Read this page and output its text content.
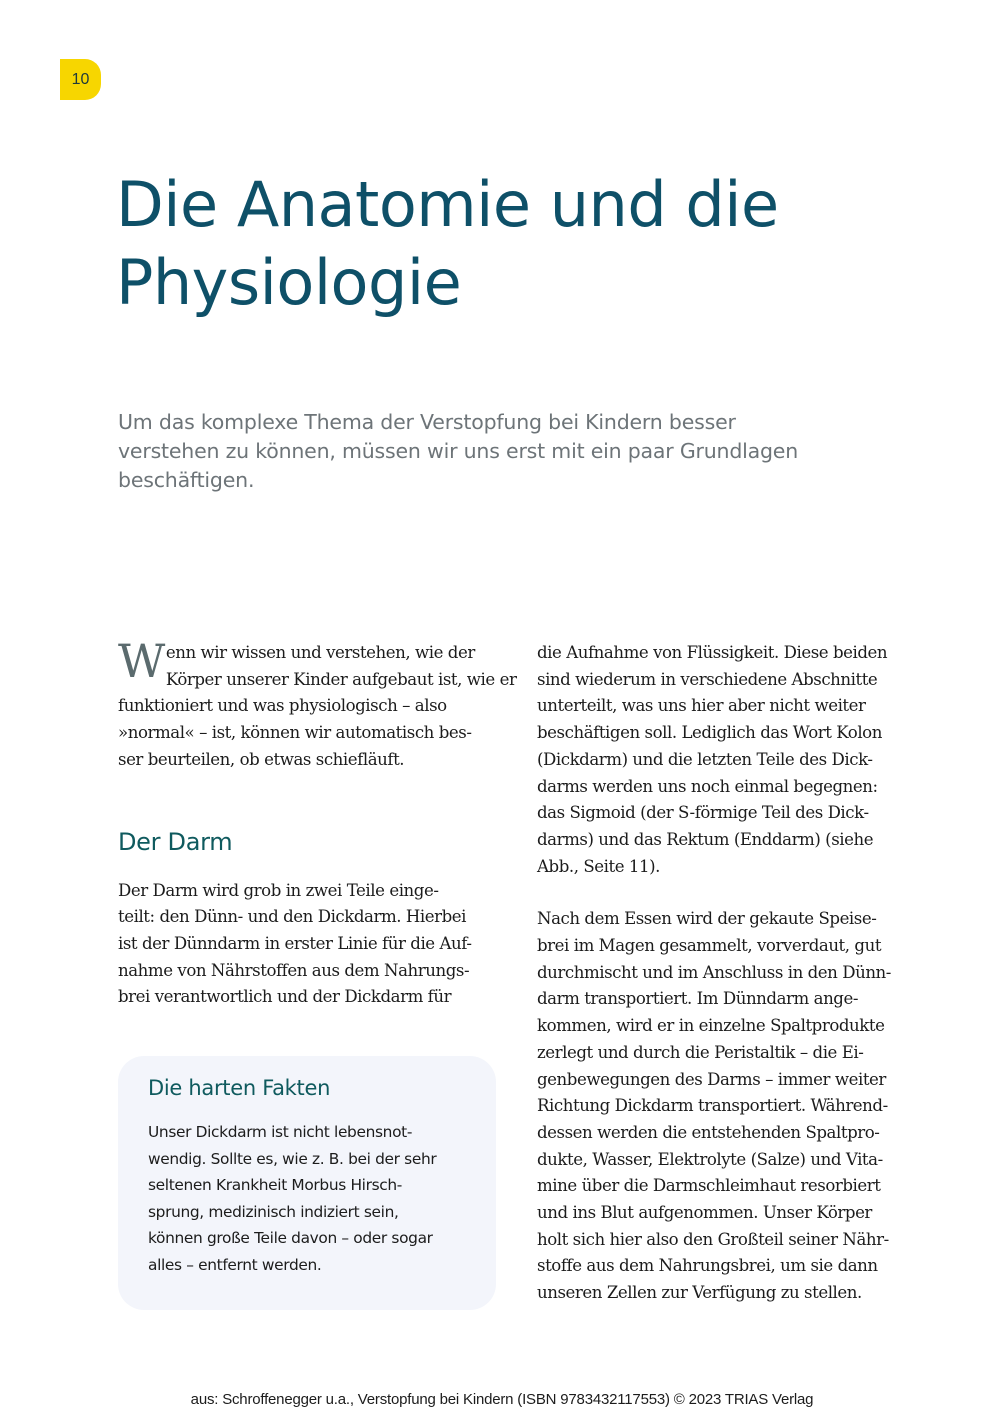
10
Die Anatomie und die
Physiologie

Um das komplexe Thema der Verstopfung bei Kindern besser
verstehen zu können, müssen wir uns erst mit ein paar Grundlagen
beschäftigen.

W enn wir wissen und verstehen, wie der
Körper unserer Kinder aufgebaut ist, wie er
funktioniert und was physiologisch – also
»normal« – ist, können wir automatisch bes-
ser beurteilen, ob etwas schiefläuft.

Der Darm

Der Darm wird grob in zwei Teile einge-
teilt: den Dünn- und den Dickdarm. Hierbei
ist der Dünndarm in erster Linie für die Auf-
nahme von Nährstoffen aus dem Nahrungs-
brei verantwortlich und der Dickdarm für

Die harten Fakten

Unser Dickdarm ist nicht lebensnot-
wendig. Sollte es, wie z. B. bei der sehr
seltenen Krankheit Morbus Hirsch-
sprung, medizinisch indiziert sein,
können große Teile davon – oder sogar
alles – entfernt werden.

die Aufnahme von Flüssigkeit. Diese beiden
sind wiederum in verschiedene Abschnitte
unterteilt, was uns hier aber nicht weiter
beschäftigen soll. Lediglich das Wort Kolon
(Dickdarm) und die letzten Teile des Dick-
darms werden uns noch einmal begegnen:
das Sigmoid (der S-förmige Teil des Dick-
darms) und das Rektum (Enddarm) (siehe
Abb., Seite 11).

Nach dem Essen wird der gekaute Speise-
brei im Magen gesammelt, vorverdaut, gut
durchmischt und im Anschluss in den Dünn-
darm transportiert. Im Dünndarm ange-
kommen, wird er in einzelne Spaltprodukte
zerlegt und durch die Peristaltik – die Ei-
genbewegungen des Darms – immer weiter
Richtung Dickdarm transportiert. Während-
dessen werden die entstehenden Spaltpro-
dukte, Wasser, Elektrolyte (Salze) und Vita-
mine über die Darmschleimhaut resorbiert
und ins Blut aufgenommen. Unser Körper
holt sich hier also den Großteil seiner Nähr-
stoffe aus dem Nahrungsbrei, um sie dann
unseren Zellen zur Verfügung zu stellen.

aus: Schroffenegger u.a., Verstopfung bei Kindern (ISBN 9783432117553) © 2023 TRIAS Verlag
